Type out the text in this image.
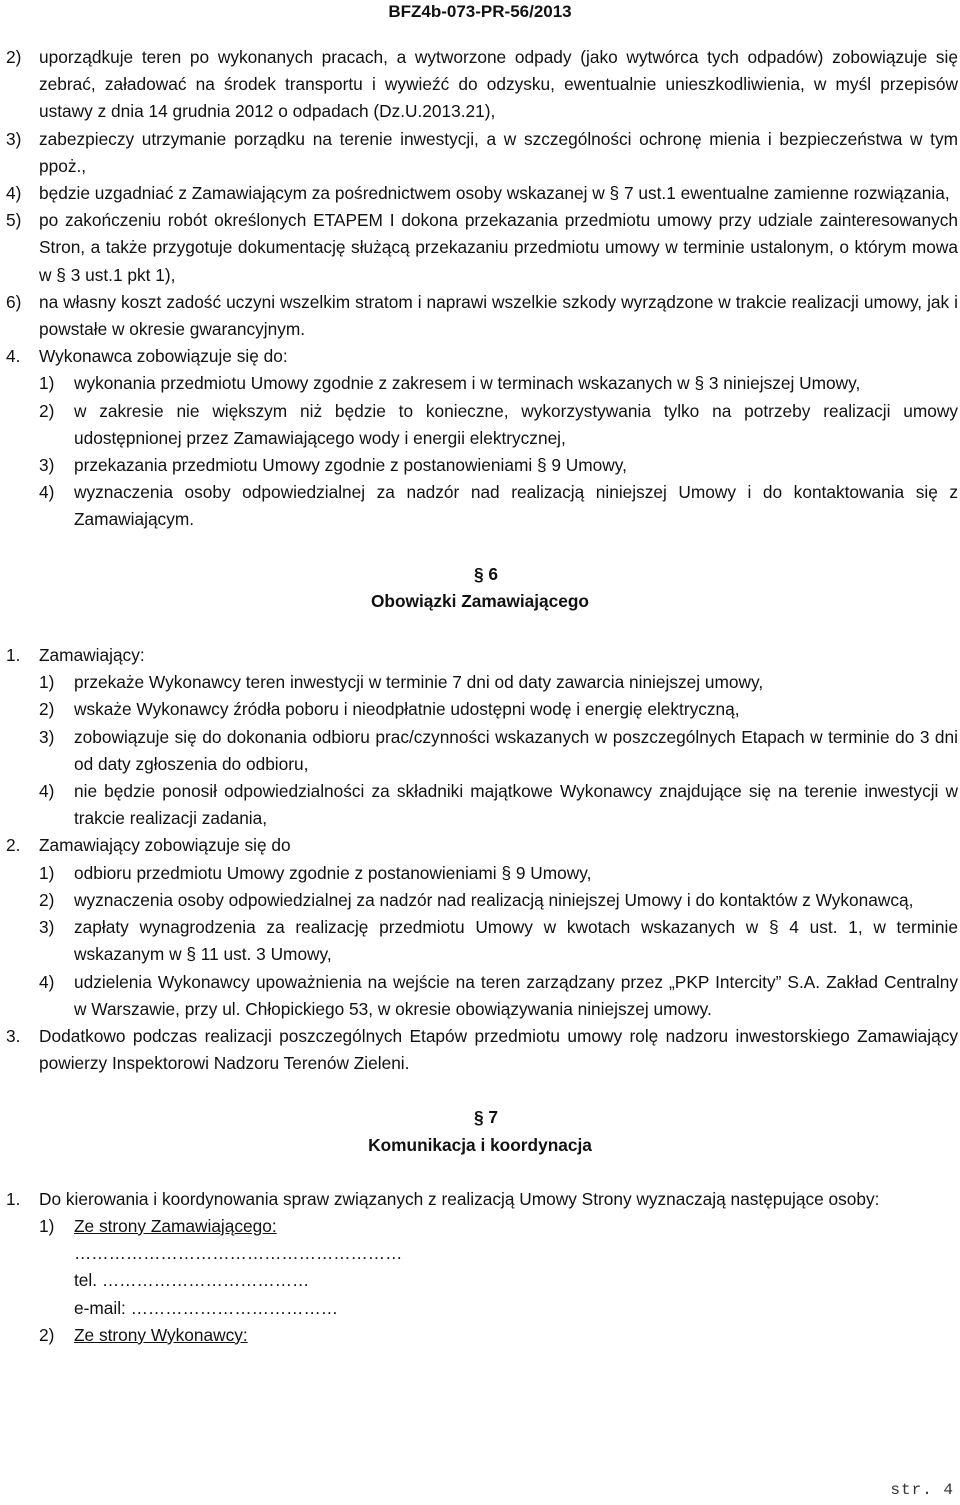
BFZ4b-073-PR-56/2013
2) uporządkuje teren po wykonanych pracach, a wytworzone odpady (jako wytwórca tych odpadów) zobowiązuje się zebrać, załadować na środek transportu i wywieźć do odzysku, ewentualnie unieszkodliwienia, w myśl przepisów ustawy z dnia 14 grudnia 2012 o odpadach (Dz.U.2013.21),
3) zabezpieczy utrzymanie porządku na terenie inwestycji, a w szczególności ochronę mienia i bezpieczeństwa w tym ppoż.,
4) będzie uzgadniać z Zamawiającym za pośrednictwem osoby wskazanej w § 7 ust.1 ewentualne zamienne rozwiązania,
5) po zakończeniu robót określonych ETAPEM I dokona przekazania przedmiotu umowy przy udziale zainteresowanych Stron, a także przygotuje dokumentację służącą przekazaniu przedmiotu umowy w terminie ustalonym, o którym mowa w § 3 ust.1 pkt 1),
6) na własny koszt zadość uczyni wszelkim stratom i naprawi wszelkie szkody wyrządzone w trakcie realizacji umowy, jak i powstałe w okresie gwarancyjnym.
4. Wykonawca zobowiązuje się do:
1) wykonania przedmiotu Umowy zgodnie z zakresem i w terminach wskazanych w § 3 niniejszej Umowy,
2) w zakresie nie większym niż będzie to konieczne, wykorzystywania tylko na potrzeby realizacji umowy udostępnionej przez Zamawiającego wody i energii elektrycznej,
3) przekazania przedmiotu Umowy zgodnie z postanowieniami § 9 Umowy,
4) wyznaczenia osoby odpowiedzialnej za nadzór nad realizacją niniejszej Umowy i do kontaktowania się z Zamawiającym.
§ 6
Obowiązki Zamawiającego
1. Zamawiający:
1) przekaże Wykonawcy teren inwestycji w terminie 7 dni od daty zawarcia niniejszej umowy,
2) wskaże Wykonawcy źródła poboru i nieodpłatnie udostępni wodę i energię elektryczną,
3) zobowiązuje się do dokonania odbioru prac/czynności wskazanych w poszczególnych Etapach w terminie do 3 dni od daty zgłoszenia do odbioru,
4) nie będzie ponosił odpowiedzialności za składniki majątkowe Wykonawcy znajdujące się na terenie inwestycji w trakcie realizacji zadania,
2. Zamawiający zobowiązuje się do
1) odbioru przedmiotu Umowy zgodnie z postanowieniami § 9 Umowy,
2) wyznaczenia osoby odpowiedzialnej za nadzór nad realizacją niniejszej Umowy i do kontaktów z Wykonawcą,
3) zapłaty wynagrodzenia za realizację przedmiotu Umowy w kwotach wskazanych w § 4 ust. 1, w terminie wskazanym w § 11 ust. 3 Umowy,
4) udzielenia Wykonawcy upoważnienia na wejście na teren zarządzany przez „PKP Intercity” S.A. Zakład Centralny w Warszawie, przy ul. Chłopickiego 53, w okresie obowiązywania niniejszej umowy.
3. Dodatkowo podczas realizacji poszczególnych Etapów przedmiotu umowy rolę nadzoru inwestorskiego Zamawiający powierzy Inspektorowi Nadzoru Terenów Zieleni.
§ 7
Komunikacja i koordynacja
1. Do kierowania i koordynowania spraw związanych z realizacją Umowy Strony wyznaczają następujące osoby:
1) Ze strony Zamawiającego:
…………………………………………………
tel. ………………………………
e-mail: ………………………………
2) Ze strony Wykonawcy:
str. 4
